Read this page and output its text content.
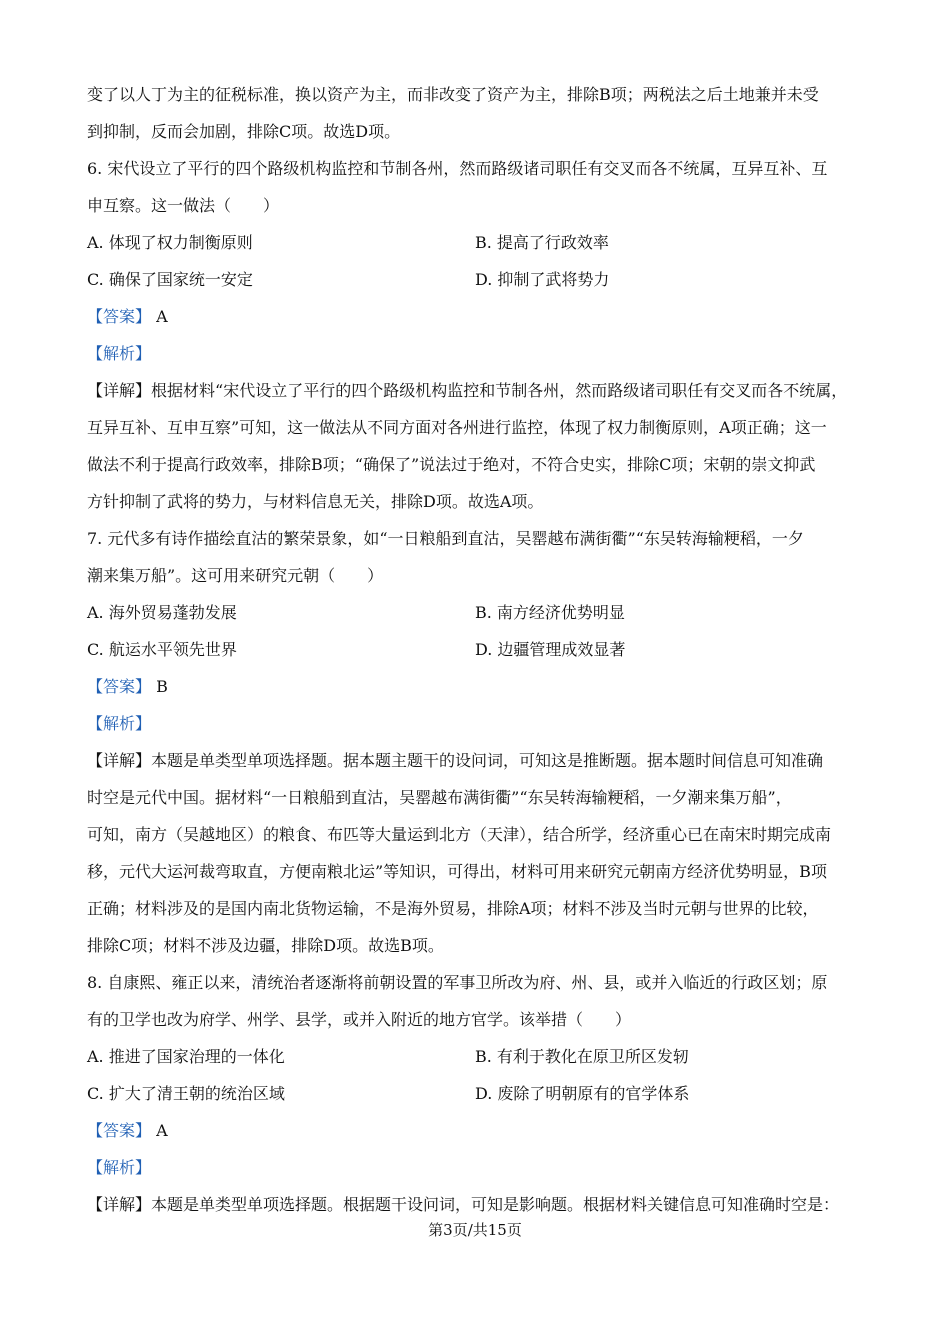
变了以人丁为主的征税标准，换以资产为主，而非改变了资产为主，排除B项；两税法之后土地兼并未受

到抑制，反而会加剧，排除C项。故选D项。

6. 宋代设立了平行的四个路级机构监控和节制各州，然而路级诸司职任有交叉而各不统属，互异互补、互

申互察。这一做法（　　）

A. 体现了权力制衡原则	B. 提高了行政效率
C. 确保了国家统一安定	D. 抑制了武将势力

【答案】 A

【解析】

【详解】根据材料“宋代设立了平行的四个路级机构监控和节制各州，然而路级诸司职任有交叉而各不统属，

互异互补、互申互察”可知，这一做法从不同方面对各州进行监控，体现了权力制衡原则，A项正确；这一

做法不利于提高行政效率，排除B项；“确保了”说法过于绝对，不符合史实，排除C项；宋朝的崇文抑武

方针抑制了武将的势力，与材料信息无关，排除D项。故选A项。

7. 元代多有诗作描绘直沽的繁荣景象，如“一日粮船到直沽，吴罂越布满街衢”“东吴转海输粳稻，一夕

潮来集万船”。这可用来研究元朝（　　）

A. 海外贸易蓬勃发展	B. 南方经济优势明显
C. 航运水平领先世界	D. 边疆管理成效显著

【答案】 B

【解析】

【详解】本题是单类型单项选择题。据本题主题干的设问词，可知这是推断题。据本题时间信息可知准确

时空是元代中国。据材料“一日粮船到直沽，吴罂越布满街衢”“东吴转海输粳稻，一夕潮来集万船”，

可知，南方（吴越地区）的粮食、布匹等大量运到北方（天津），结合所学，经济重心已在南宋时期完成南

移，元代大运河裁弯取直，方便南粮北运”等知识，可得出，材料可用来研究元朝南方经济优势明显，B项

正确；材料涉及的是国内南北货物运输，不是海外贸易，排除A项；材料不涉及当时元朝与世界的比较，

排除C项；材料不涉及边疆，排除D项。故选B项。

8. 自康熙、雍正以来，清统治者逐渐将前朝设置的军事卫所改为府、州、县，或并入临近的行政区划；原

有的卫学也改为府学、州学、县学，或并入附近的地方官学。该举措（　　）

A. 推进了国家治理的一体化	B. 有利于教化在原卫所区发轫
C. 扩大了清王朝的统治区域	D. 废除了明朝原有的官学体系

【答案】 A

【解析】

【详解】本题是单类型单项选择题。根据题干设问词，可知是影响题。根据材料关键信息可知准确时空是：

第3页/共15页
